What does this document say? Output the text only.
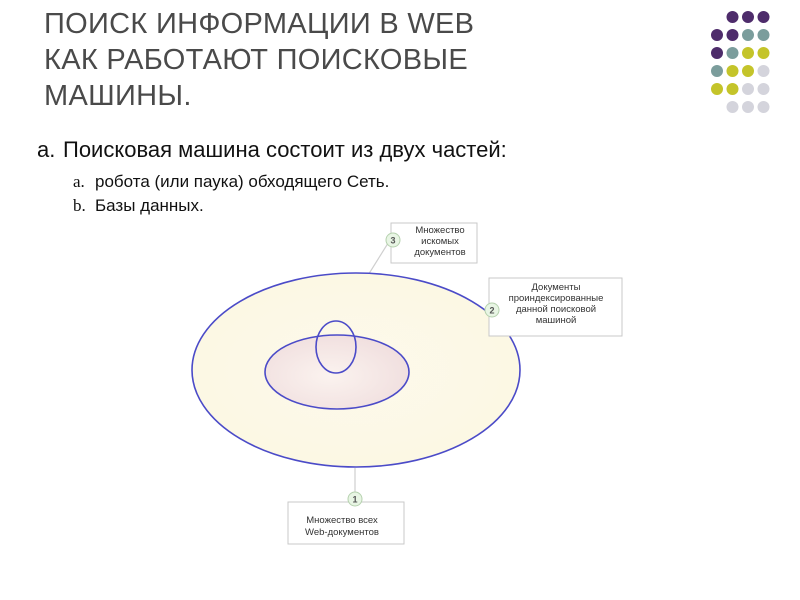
ПОИСК ИНФОРМАЦИИ В WEB
КАК РАБОТАЮТ ПОИСКОВЫЕ
МАШИНЫ.
a. Поисковая машина состоит из двух частей:
a. робота (или паука) обходящего Сеть.
b. Базы данных.
3
Множество
искомых
документов
2
Документы
проиндексированные
данной поисковой
машиной
1
Множество всех
Web-документов
